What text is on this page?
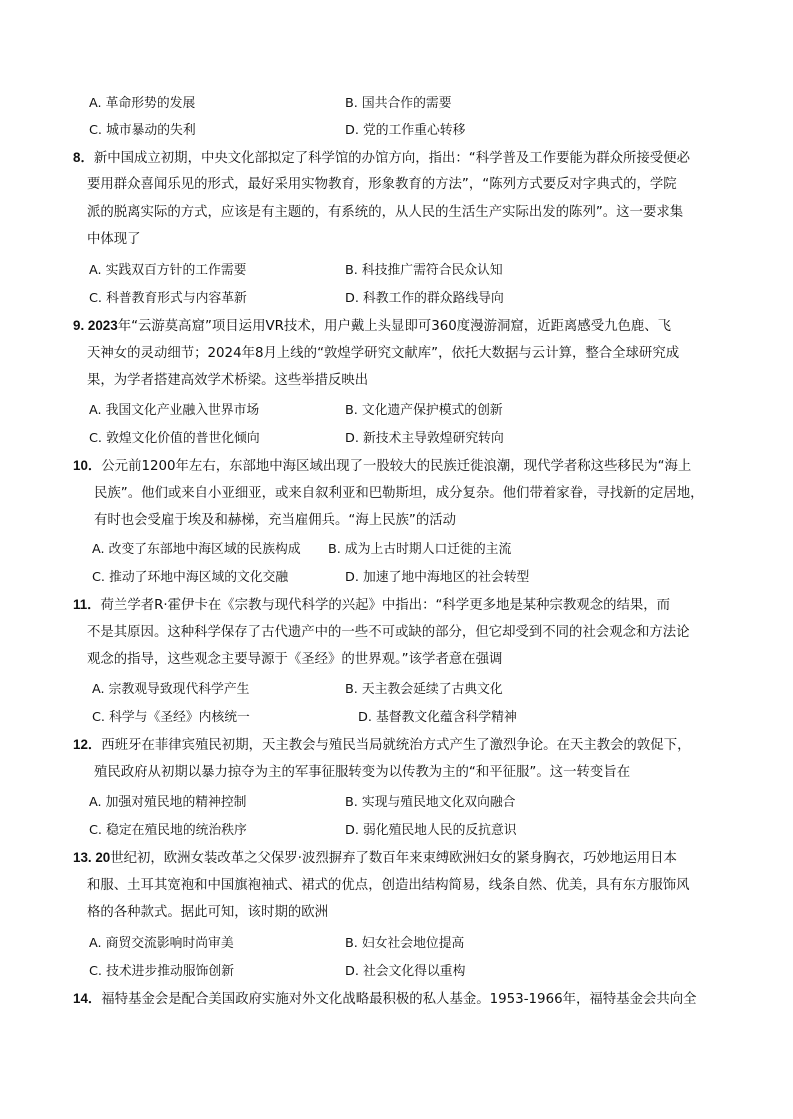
A. 革命形势的发展	B. 国共合作的需要
C. 城市暴动的失利	D. 党的工作重心转移
8．新中国成立初期，中央文化部拟定了科学馆的办馆方向，指出：“科学普及工作要能为群众所接受便必
要用群众喜闻乐见的形式，最好采用实物教育，形象教育的方法”，“陈列方式要反对字典式的，学院
派的脱离实际的方式，应该是有主题的，有系统的，从人民的生活生产实际出发的陈列”。这一要求集
中体现了
A. 实践双百方针的工作需要	B. 科技推广需符合民众认知
C. 科普教育形式与内容革新	D. 科教工作的群众路线导向
9. 2023年“云游莫高窟”项目运用VR技术，用户戴上头显即可360度漫游洞窟，近距离感受九色鹿、飞
天神女的灵动细节；2024年8月上线的“敦煌学研究文献库”，依托大数据与云计算，整合全球研究成
果，为学者搭建高效学术桥梁。这些举措反映出
A. 我国文化产业融入世界市场	B. 文化遗产保护模式的创新
C. 敦煌文化价值的普世化倾向	D. 新技术主导敦煌研究转向
10．公元前1200年左右，东部地中海区域出现了一股较大的民族迁徙浪潮，现代学者称这些移民为“海上
民族”。他们或来自小亚细亚，或来自叙利亚和巴勒斯坦，成分复杂。他们带着家眷，寻找新的定居地，
有时也会受雇于埃及和赫梯，充当雇佣兵。“海上民族”的活动
A. 改变了东部地中海区域的民族构成 B. 成为上古时期人口迁徙的主流
C. 推动了环地中海区域的文化交融	D. 加速了地中海地区的社会转型
11．荷兰学者R·霍伊卡在《宗教与现代科学的兴起》中指出：“科学更多地是某种宗教观念的结果，而
不是其原因。这种科学保存了古代遗产中的一些不可或缺的部分，但它却受到不同的社会观念和方法论
观念的指导，这些观念主要导源于《圣经》的世界观。”该学者意在强调
A. 宗教观导致现代科学产生	B. 天主教会延续了古典文化
C. 科学与《圣经》内核统一	D. 基督教文化蕴含科学精神
12．西班牙在菲律宾殖民初期，天主教会与殖民当局就统治方式产生了激烈争论。在天主教会的敦促下，
殖民政府从初期以暴力掠夺为主的军事征服转变为以传教为主的“和平征服”。这一转变旨在
A. 加强对殖民地的精神控制	B. 实现与殖民地文化双向融合
C. 稳定在殖民地的统治秩序	D. 弱化殖民地人民的反抗意识
13. 20世纪初，欧洲女装改革之父保罗·波烈摒弃了数百年来束缚欧洲妇女的紧身胸衣，巧妙地运用日本
和服、土耳其宽袍和中国旗袍袖式、裙式的优点，创造出结构简易，线条自然、优美，具有东方服饰风
格的各种款式。据此可知，该时期的欧洲
A. 商贸交流影响时尚审美	B. 妇女社会地位提高
C. 技术进步推动服饰创新	D. 社会文化得以重构
14．福特基金会是配合美国政府实施对外文化战略最积极的私人基金。1953-1966年，福特基金会共向全
